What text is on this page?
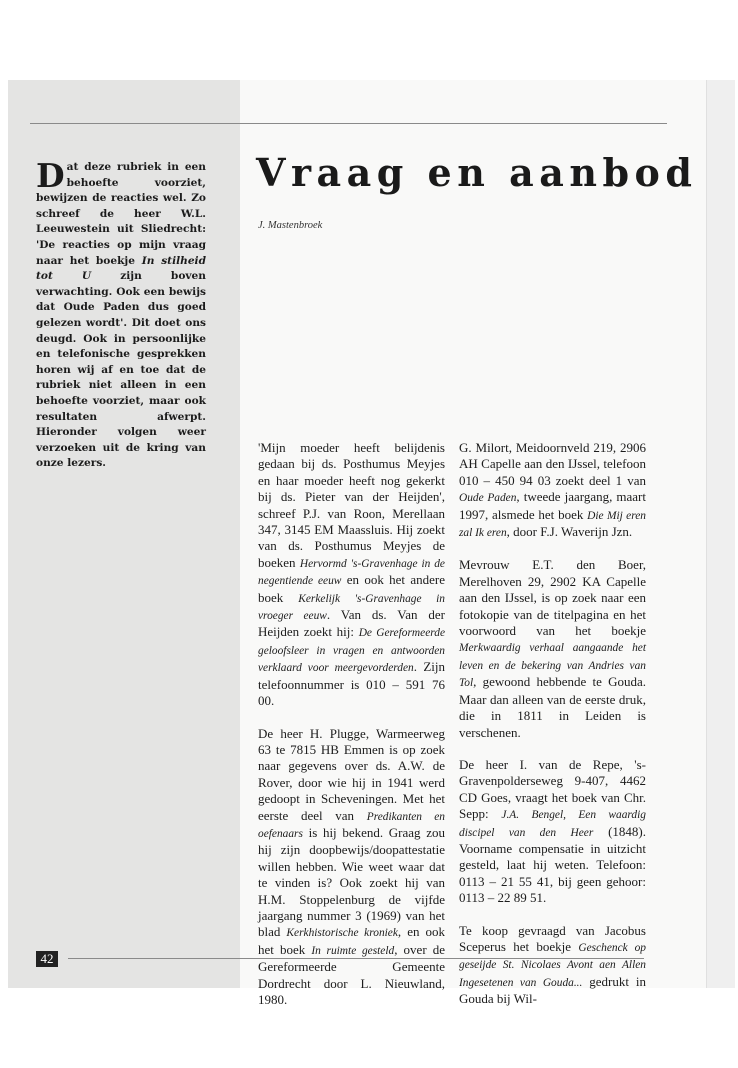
Dat deze rubriek in een behoefte voorziet, bewijzen de reacties wel. Zo schreef de heer W.L. Leeuwestein uit Sliedrecht: 'De reacties op mijn vraag naar het boekje In stilheid tot U zijn boven verwachting. Ook een bewijs dat Oude Paden dus goed gelezen wordt'. Dit doet ons deugd. Ook in persoonlijke en telefonische gesprekken horen wij af en toe dat de rubriek niet alleen in een behoefte voorziet, maar ook resultaten afwerpt. Hieronder volgen weer verzoeken uit de kring van onze lezers.

Vraag en aanbod

J. Mastenbroek

'Mijn moeder heeft belijdenis gedaan bij ds. Posthumus Meyjes en haar moeder heeft nog gekerkt bij ds. Pieter van der Heijden', schreef P.J. van Roon, Merellaan 347, 3145 EM Maassluis. Hij zoekt van ds. Posthumus Meyjes de boeken Hervormd 's-Gravenhage in de negentiende eeuw en ook het andere boek Kerkelijk 's-Gravenhage in vroeger eeuw. Van ds. Van der Heijden zoekt hij: De Gereformeerde geloofsleer in vragen en antwoorden verklaard voor meergevorderden. Zijn telefoonnummer is 010 – 591 76 00.

De heer H. Plugge, Warmeerweg 63 te 7815 HB Emmen is op zoek naar gegevens over ds. A.W. de Rover, door wie hij in 1941 werd gedoopt in Scheveningen. Met het eerste deel van Predikanten en oefenaars is hij bekend. Graag zou hij zijn doopbewijs/doopattestatie willen hebben. Wie weet waar dat te vinden is? Ook zoekt hij van H.M. Stoppelenburg de vijfde jaargang nummer 3 (1969) van het blad Kerkhistorische kroniek, en ook het boek In ruimte gesteld, over de Gereformeerde Gemeente Dordrecht door L. Nieuwland, 1980.

G. Milort, Meidoornveld 219, 2906 AH Capelle aan den IJssel, telefoon 010 – 450 94 03 zoekt deel 1 van Oude Paden, tweede jaargang, maart 1997, alsmede het boek Die Mij eren zal Ik eren, door F.J. Waverijn Jzn.

Mevrouw E.T. den Boer, Merelhoven 29, 2902 KA Capelle aan den IJssel, is op zoek naar een fotokopie van de titelpagina en het voorwoord van het boekje Merkwaardig verhaal aangaande het leven en de bekering van Andries van Tol, gewoond hebbende te Gouda. Maar dan alleen van de eerste druk, die in 1811 in Leiden is verschenen.

De heer I. van de Repe, 's- Gravenpolderseweg 9-407, 4462 CD Goes, vraagt het boek van Chr. Sepp: J.A. Bengel, Een waardig discipel van den Heer (1848). Voorname compensatie in uitzicht gesteld, laat hij weten. Telefoon: 0113 – 21 55 41, bij geen gehoor: 0113 – 22 89 51.

Te koop gevraagd van Jacobus Sceperus het boekje Geschenck op geseijde St. Nicolaes Avont aen Allen Ingesetenen van Gouda... gedrukt in Gouda bij Wil-

42
